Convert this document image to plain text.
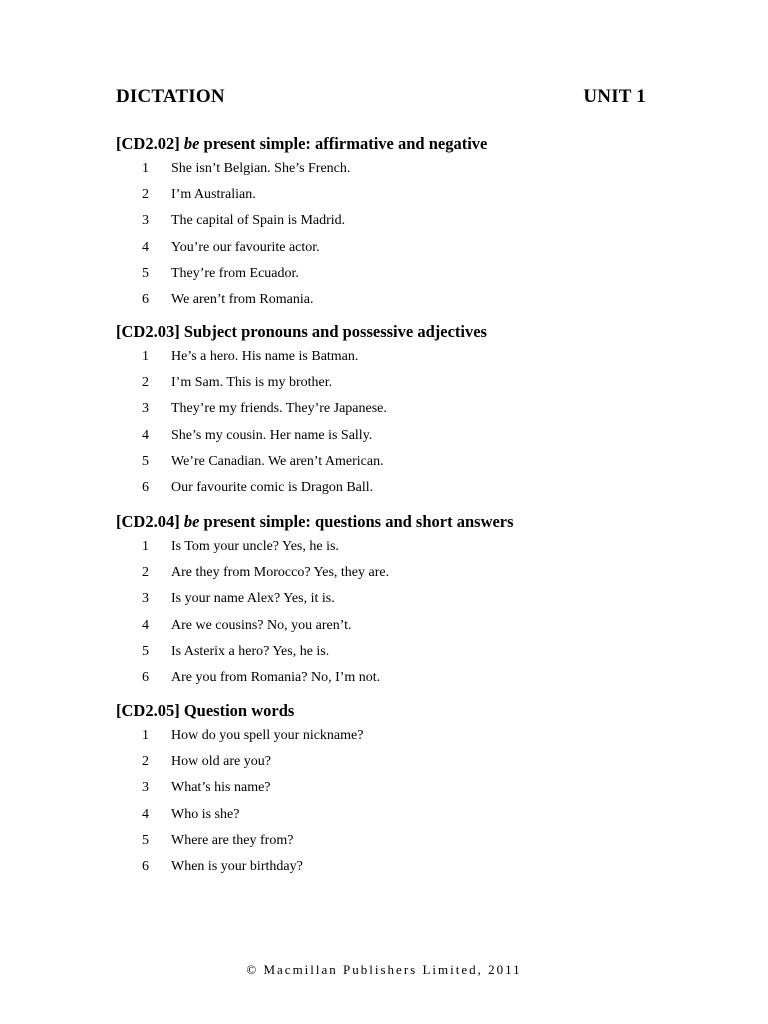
DICTATION	UNIT 1
[CD2.02] be present simple: affirmative and negative
1 She isn’t Belgian. She’s French.
2 I’m Australian.
3 The capital of Spain is Madrid.
4 You’re our favourite actor.
5 They’re from Ecuador.
6 We aren’t from Romania.
[CD2.03] Subject pronouns and possessive adjectives
1 He’s a hero. His name is Batman.
2 I’m Sam. This is my brother.
3 They’re my friends. They’re Japanese.
4 She’s my cousin. Her name is Sally.
5 We’re Canadian. We aren’t American.
6 Our favourite comic is Dragon Ball.
[CD2.04] be present simple: questions and short answers
1 Is Tom your uncle? Yes, he is.
2 Are they from Morocco? Yes, they are.
3 Is your name Alex? Yes, it is.
4 Are we cousins? No, you aren’t.
5 Is Asterix a hero? Yes, he is.
6 Are you from Romania? No, I’m not.
[CD2.05] Question words
1 How do you spell your nickname?
2 How old are you?
3 What’s his name?
4 Who is she?
5 Where are they from?
6 When is your birthday?
© Macmillan Publishers Limited, 2011
